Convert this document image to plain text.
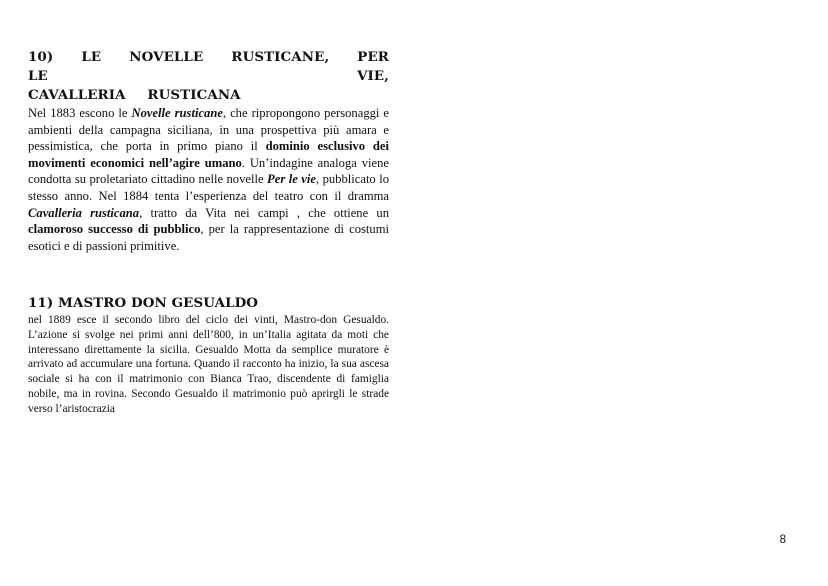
10) LE NOVELLE RUSTICANE, PER LE VIE,
CAVALLERIA RUSTICANA

Nel 1883 escono le Novelle rusticane, che ripropongono personaggi e ambienti della campagna siciliana, in una prospettiva più amara e pessimistica, che porta in primo piano il dominio esclusivo dei movimenti economici nell’agire umano. Un’indagine analoga viene condotta su proletariato cittadino nelle novelle Per le vie, pubblicato lo stesso anno. Nel 1884 tenta l’esperienza del teatro con il dramma Cavalleria rusticana, tratto da Vita nei campi , che ottiene un clamoroso successo di pubblico, per la rappresentazione di costumi esotici e di passioni primitive.

11) MASTRO DON GESUALDO

nel 1889 esce il secondo libro del ciclo dei vinti, Mastro-don Gesualdo. L’azione si svolge nei primi anni dell’800, in un’Italia agitata da moti che interessano direttamente la sicilia. Gesualdo Motta da semplice muratore è arrivato ad accumulare una fortuna. Quando il racconto ha inizio, la sua ascesa sociale si ha con il matrimonio con Bianca Trao, discendente di famiglia nobile, ma in rovina. Secondo Gesualdo il matrimonio può aprirgli le strade verso l’aristocrazia

8
